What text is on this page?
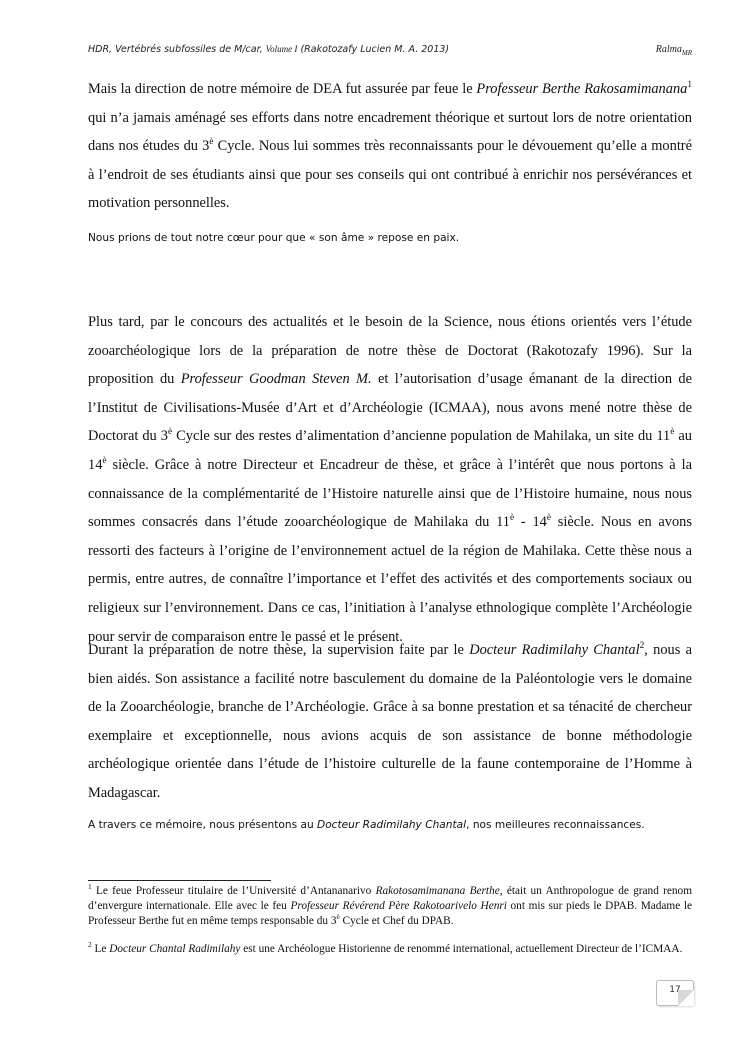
HDR, Vertébrés subfossiles de M/car, Volume I (Rakotozafy Lucien M. A. 2013)	Ralma$_{MR}$

Mais la direction de notre mémoire de DEA fut assurée par feue le Professeur Berthe Rakosamimanana$^1$ qui n’a jamais aménagé ses efforts dans notre encadrement théorique et surtout lors de notre orientation dans nos études du $3^è$ Cycle. Nous lui sommes très reconnaissants pour le dévouement qu’elle a montré à l’endroit de ses étudiants ainsi que pour ses conseils qui ont contribué à enrichir nos persévérances et motivation personnelles.

Nous prions de tout notre cœur pour que « son âme » repose en paix.

Plus tard, par le concours des actualités et le besoin de la Science, nous étions orientés vers l’étude zooarchéologique lors de la préparation de notre thèse de Doctorat (Rakotozafy 1996). Sur la proposition du Professeur Goodman Steven M. et l’autorisation d’usage émanant de la direction de l’Institut de Civilisations-Musée d’Art et d’Archéologie (ICMAA), nous avons mené notre thèse de Doctorat du $3^è$ Cycle sur des restes d’alimentation d’ancienne population de Mahilaka, un site du $11^è$ au $14^è$ siècle. Grâce à notre Directeur et Encadreur de thèse, et grâce à l’intérêt que nous portons à la connaissance de la complémentarité de l’Histoire naturelle ainsi que de l’Histoire humaine, nous nous sommes consacrés dans l’étude zooarchéologique de Mahilaka du $11^è - 14^è$ siècle. Nous en avons ressorti des facteurs à l’origine de l’environnement actuel de la région de Mahilaka. Cette thèse nous a permis, entre autres, de connaître l’importance et l’effet des activités et des comportements sociaux ou religieux sur l’environnement. Dans ce cas, l’initiation à l’analyse ethnologique complète l’Archéologie pour servir de comparaison entre le passé et le présent.

Durant la préparation de notre thèse, la supervision faite par le Docteur Radimilahy Chantal$^2$, nous a bien aidés. Son assistance a facilité notre basculement du domaine de la Paléontologie vers le domaine de la Zooarchéologie, branche de l’Archéologie. Grâce à sa bonne prestation et sa ténacité de chercheur exemplaire et exceptionnelle, nous avions acquis de son assistance de bonne méthodologie archéologique orientée dans l’étude de l’histoire culturelle de la faune contemporaine de l’Homme à Madagascar.

A travers ce mémoire, nous présentons au Docteur Radimilahy Chantal, nos meilleures reconnaissances.
$^1$ Le feue Professeur titulaire de l’Université d’Antananarivo Rakotosamimanana Berthe, était un Anthropologue de grand renom d’envergure internationale. Elle avec le feu Professeur Révérend Père Rakotoarivelo Henri ont mis sur pieds le DPAB. Madame le Professeur Berthe fut en même temps responsable du $3^è$ Cycle et Chef du DPAB.
$^2$ Le Docteur Chantal Radimilahy est une Archéologue Historienne de renommé international, actuellement Directeur de l’ICMAA.
17
